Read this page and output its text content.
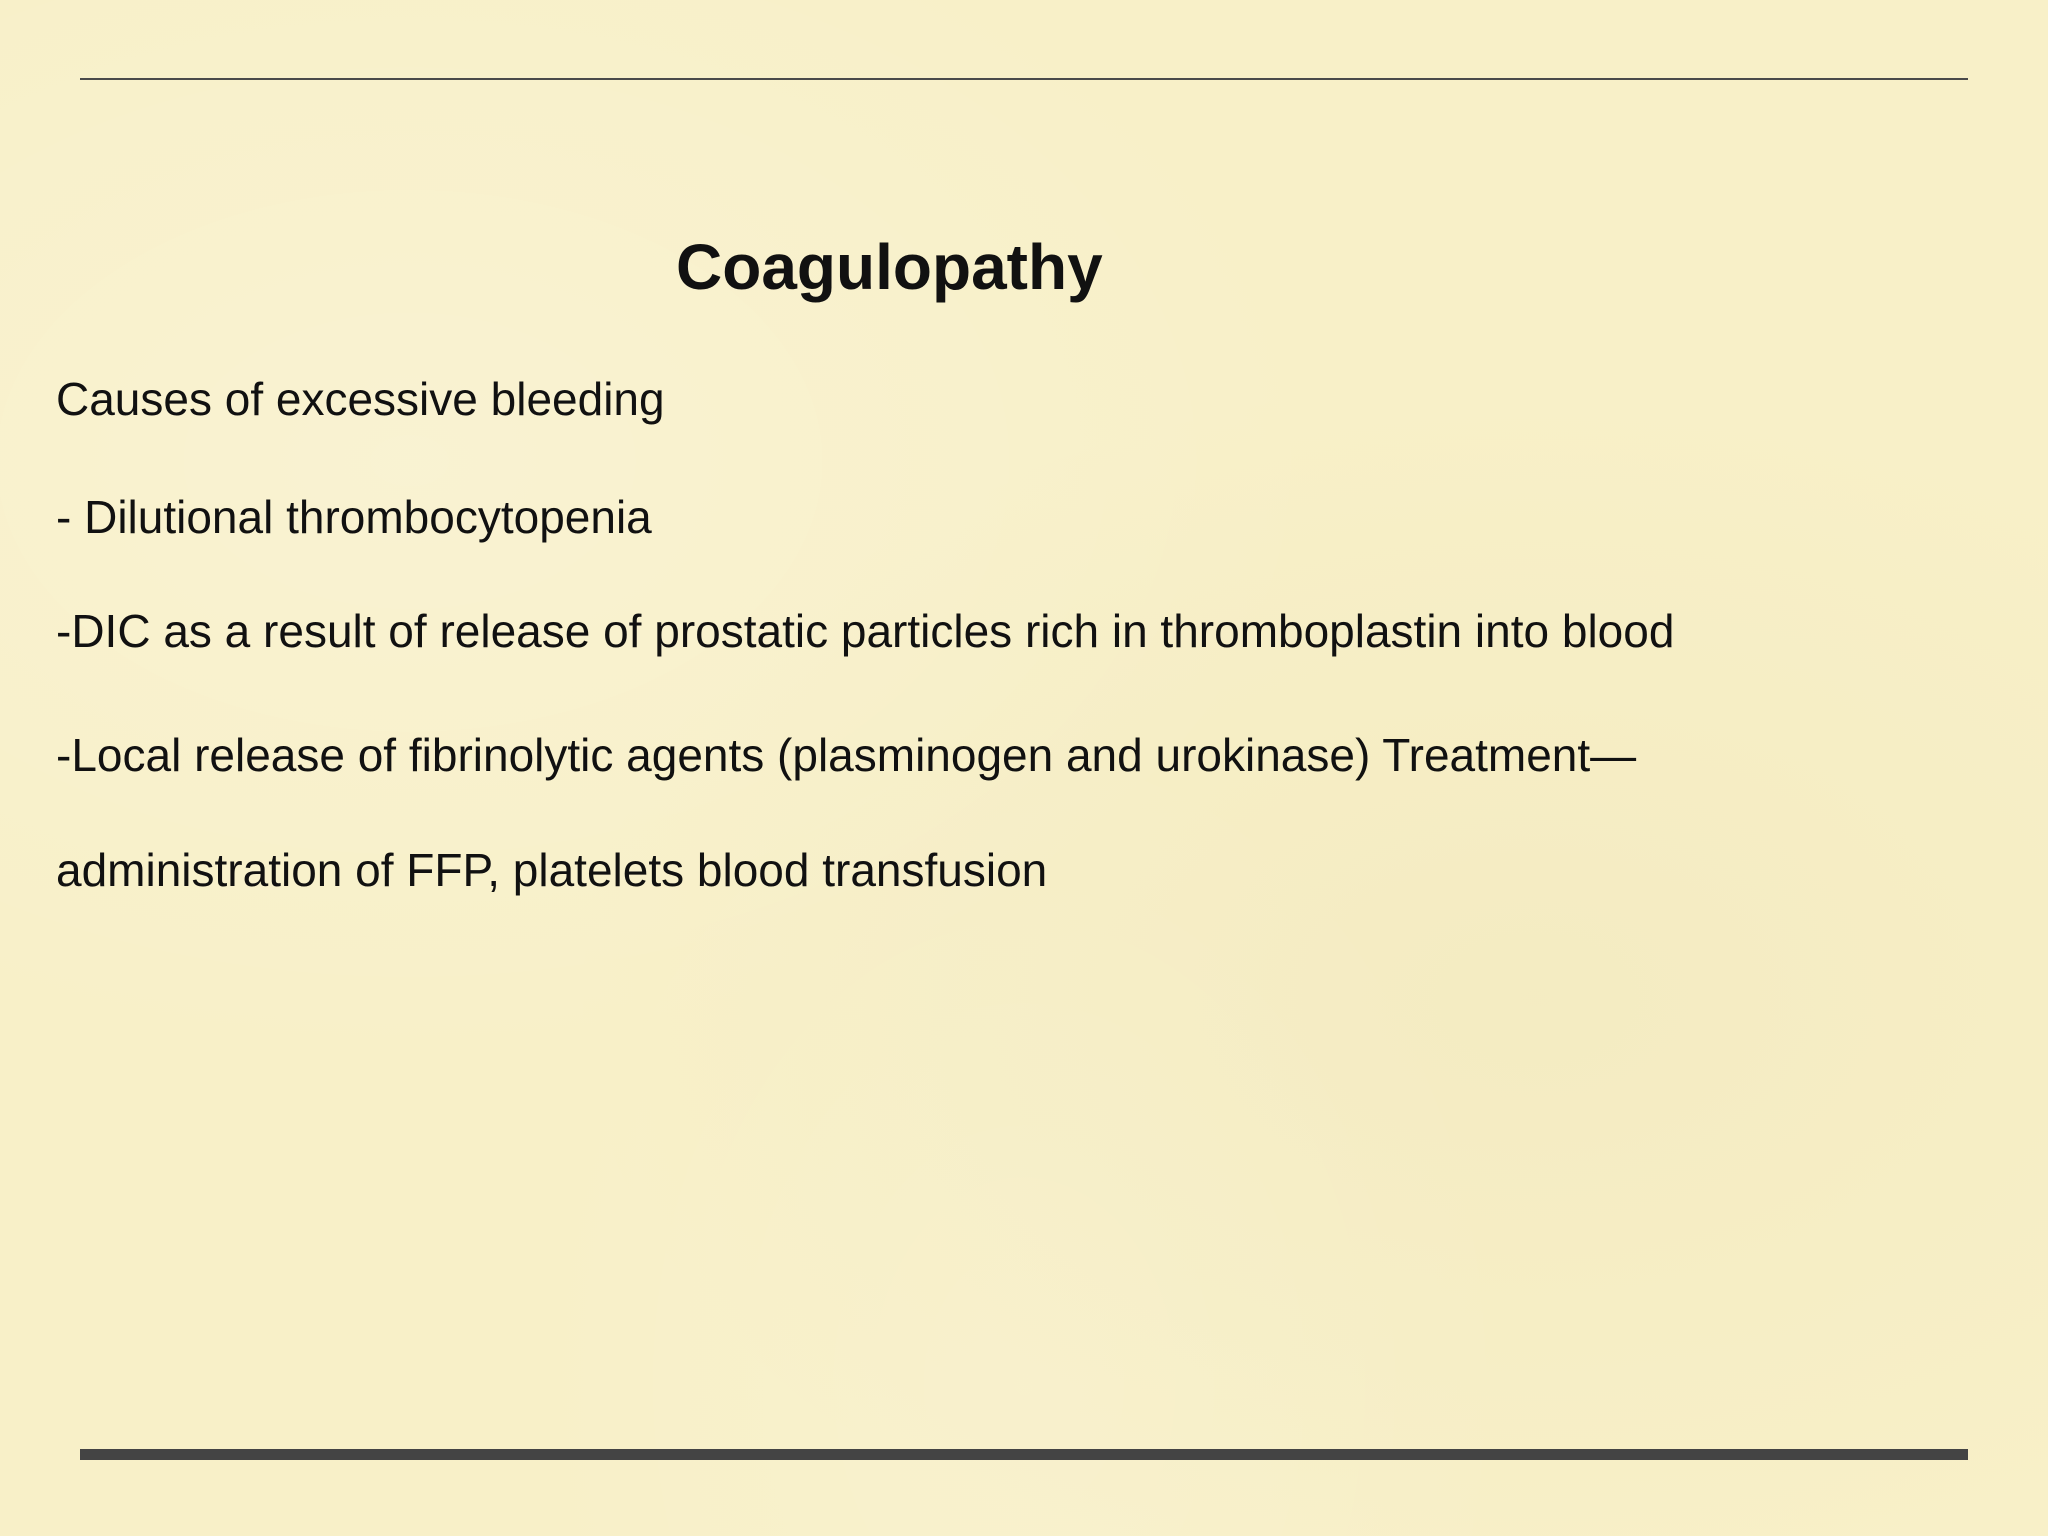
Coagulopathy

Causes of excessive bleeding

- Dilutional thrombocytopenia

-DIC as a result of release of prostatic particles rich in thromboplastin into blood

-Local release of fibrinolytic agents (plasminogen and urokinase) Treatment—

administration of FFP, platelets blood transfusion
